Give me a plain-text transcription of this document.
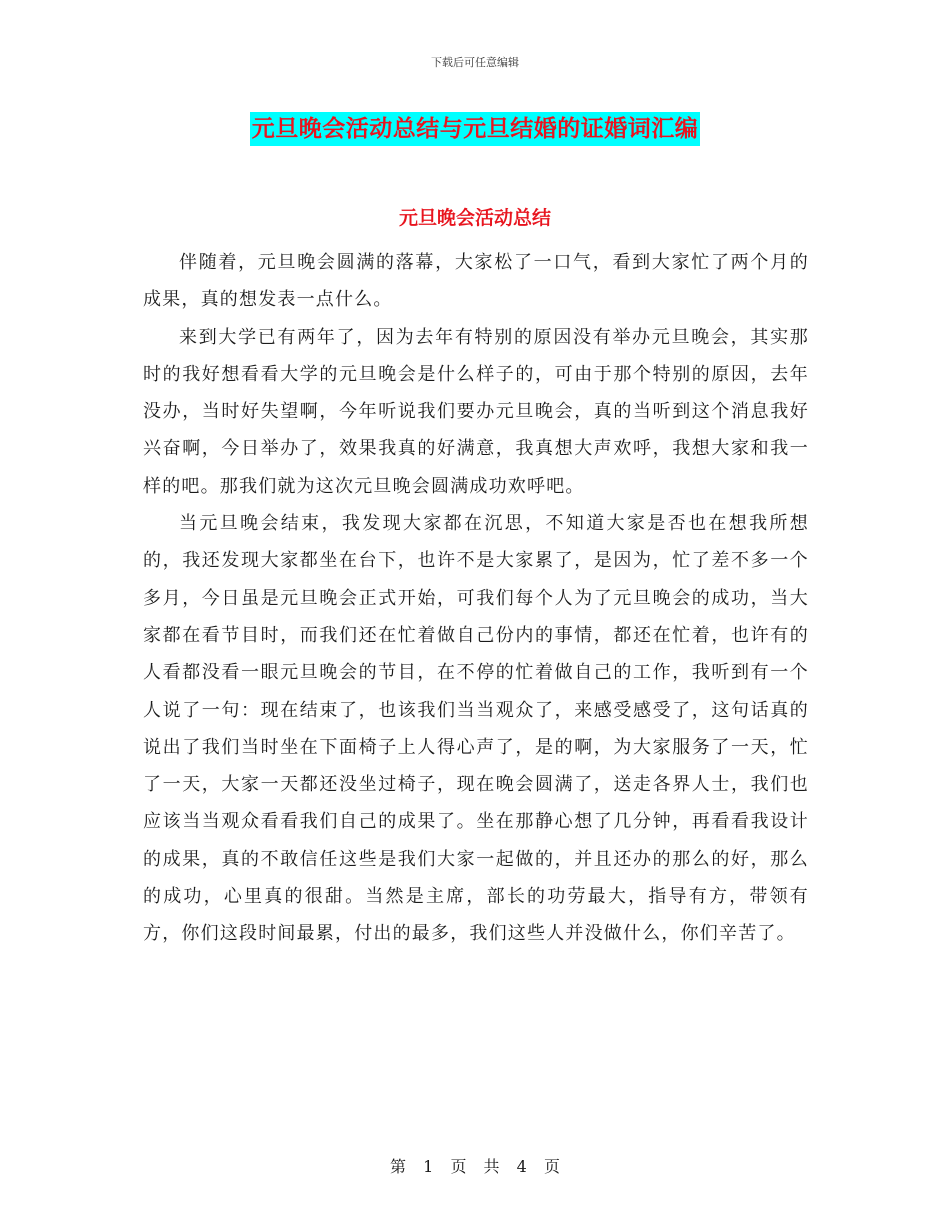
下载后可任意编辑
元旦晚会活动总结与元旦结婚的证婚词汇编
元旦晚会活动总结

伴随着，元旦晚会圆满的落幕，大家松了一口气，看到大家忙了两个月的成果，真的想发表一点什么。

来到大学已有两年了，因为去年有特别的原因没有举办元旦晚会，其实那时的我好想看看大学的元旦晚会是什么样子的，可由于那个特别的原因，去年没办，当时好失望啊，今年听说我们要办元旦晚会，真的当听到这个消息我好兴奋啊，今日举办了，效果我真的好满意，我真想大声欢呼，我想大家和我一样的吧。那我们就为这次元旦晚会圆满成功欢呼吧。

当元旦晚会结束，我发现大家都在沉思，不知道大家是否也在想我所想的，我还发现大家都坐在台下，也许不是大家累了，是因为，忙了差不多一个多月，今日虽是元旦晚会正式开始，可我们每个人为了元旦晚会的成功，当大家都在看节目时，而我们还在忙着做自己份内的事情，都还在忙着，也许有的人看都没看一眼元旦晚会的节目，在不停的忙着做自己的工作，我听到有一个人说了一句：现在结束了，也该我们当当观众了，来感受感受了，这句话真的说出了我们当时坐在下面椅子上人得心声了，是的啊，为大家服务了一天，忙了一天，大家一天都还没坐过椅子，现在晚会圆满了，送走各界人士，我们也应该当当观众看看我们自己的成果了。坐在那静心想了几分钟，再看看我设计的成果，真的不敢信任这些是我们大家一起做的，并且还办的那么的好，那么的成功，心里真的很甜。当然是主席，部长的功劳最大，指导有方，带领有方，你们这段时间最累，付出的最多，我们这些人并没做什么，你们辛苦了。

第 1 页 共 4 页
